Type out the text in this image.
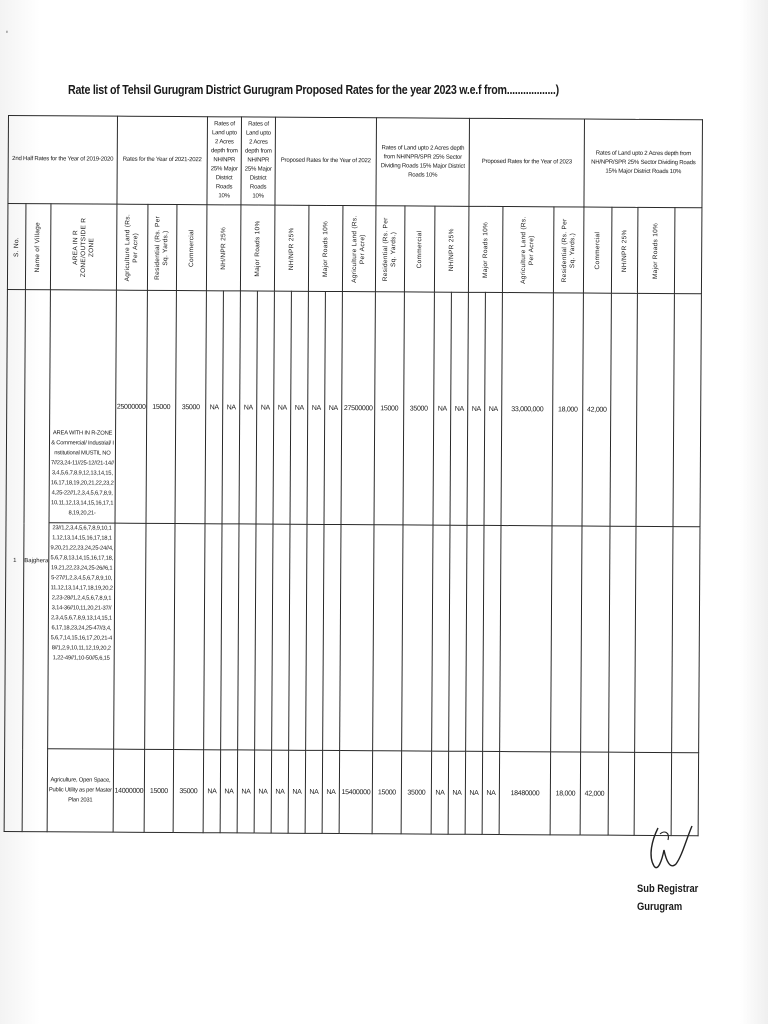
ʹ
Rate list of Tehsil Gurugram District Gurugram Proposed Rates for the year 2023 w.e.f from..................)
2nd Half Rates for the Year of 2019-2020			Rates for the Year of 2021-2022			Rates of Land upto 2 Acres depth from NH/NPR 25% Major District Roads 10%		Rates of Land upto 2 Acres depth from NH/NPR 25% Major District Roads 10%		Proposed Rates for the Year of 2022					Rates of Land upto 2 Acres depth from NH/NPR/SPR 25% Sector Dividing Roads 15% Major District Roads 10%				Proposed Rates for the Year of 2023				Rates of Land upto 2 Acres depth from NH/NPR/SPR 25% Sector Dividing Roads 15% Major District Roads 10%			

S. No.	Name of Village	AREA IN R ZONE/OUTSIDE R ZONE	Agriculture Land (Rs. Per Acre)	Residential (Rs. Per Sq. Yards.)	Commercial	NH/NPR 25%		Major Roads 10%		NH/NPR 25%		Major Roads 10%		Agriculture Land (Rs. Per Acre)	Residential (Rs. Per Sq. Yards.)	Commercial	NH/NPR 25%		Major Roads 10%		Agriculture Land (Rs. Per Acre)	Residential (Rs. Per Sq. Yards.)	Commercial	NH/NPR 25%	Major Roads 10%	

1	Bajghera	AREA WITH IN R-ZONE & Commercial/ Industrial/ Institutional MUSTIL NO 7//23,24-11//25-12//21-14//3,4,5,6,7,8,9,12,13,14,15,16,17,18,19,20,21,22,23,24,25-22//1,2,3,4,5,6,7,8,9,10,11,12,13,14,15,16,17,18,19,20,21-	25000000	15000	35000	NA	NA	NA	NA	NA	NA	NA	NA	27500000	15000	35000	NA	NA	NA	NA	33,000,000	18,000	42,000			
		23//1,2,3,4,5,6,7,8,9,10,11,12,13,14,15,16,17,18,19,20,21,22,23,24,25-24//4,5,6,7,8,13,14,15,16,17,18,19,21,22,23,24,25-26//6,15-27//1,2,3,4,5,6,7,8,9,10,11,12,13,14,17,18,19,20,22,23-28//1,2,4,5,6,7,8,9,13,14-36//10,11,20,21-37//2,3,4,5,6,7,8,9,13,14,15,16,17,18,23,24,25-47//3,4,5,6,7,14,15,16,17,20,21-48//1,2,9,10,11,12,19,20,21,22-49//1,10-50//5,6,15																								
		Agriculture, Open Space, Public Utility as per Master Plan 2031	14000000	15000	35000	NA	NA	NA	NA	NA	NA	NA	NA	15400000	15000	35000	NA	NA	NA	NA	18480000	18,000	42,000			
Sub Registrar
Gurugram
